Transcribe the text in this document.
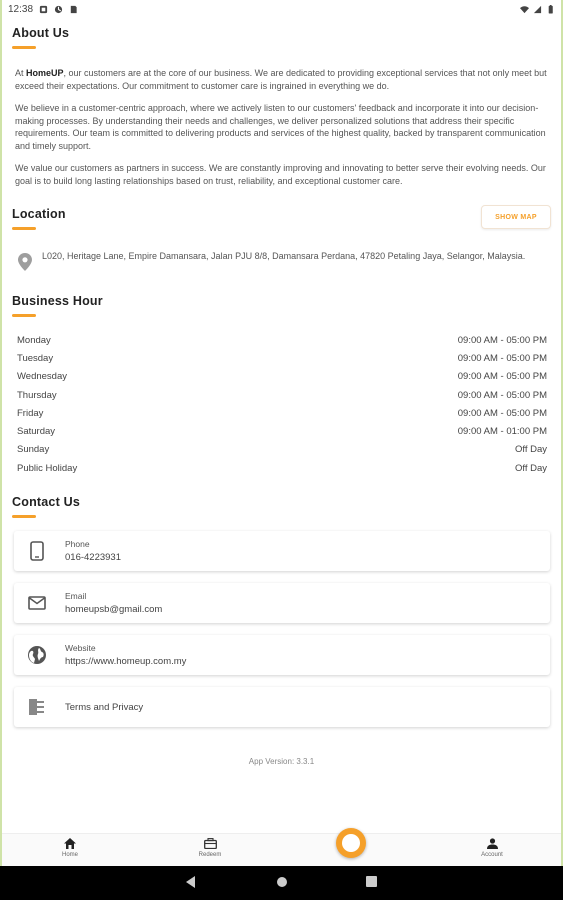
12:38
About Us

At HomeUP, our customers are at the core of our business. We are dedicated to providing exceptional services that not only meet but exceed their expectations. Our commitment to customer care is ingrained in everything we do.

We believe in a customer-centric approach, where we actively listen to our customers' feedback and incorporate it into our decision-making processes. By understanding their needs and challenges, we deliver personalized solutions that address their specific requirements. Our team is committed to delivering products and services of the highest quality, backed by transparent communication and timely support.

We value our customers as partners in success. We are constantly improving and innovating to better serve their evolving needs. Our goal is to build long lasting relationships based on trust, reliability, and exceptional customer care.

Location	SHOW MAP
L020, Heritage Lane, Empire Damansara, Jalan PJU 8/8, Damansara Perdana, 47820 Petaling Jaya, Selangor, Malaysia.
Business Hour
Monday	09:00 AM - 05:00 PM
Tuesday	09:00 AM - 05:00 PM
Wednesday	09:00 AM - 05:00 PM
Thursday	09:00 AM - 05:00 PM
Friday	09:00 AM - 05:00 PM
Saturday	09:00 AM - 01:00 PM
Sunday	Off Day
Public Holiday	Off Day
Contact Us
Phone
016-4223931
Email
homeupsb@gmail.com
Website
https://www.homeup.com.my
Terms and Privacy
App Version: 3.3.1
Home	Redeem	Account
